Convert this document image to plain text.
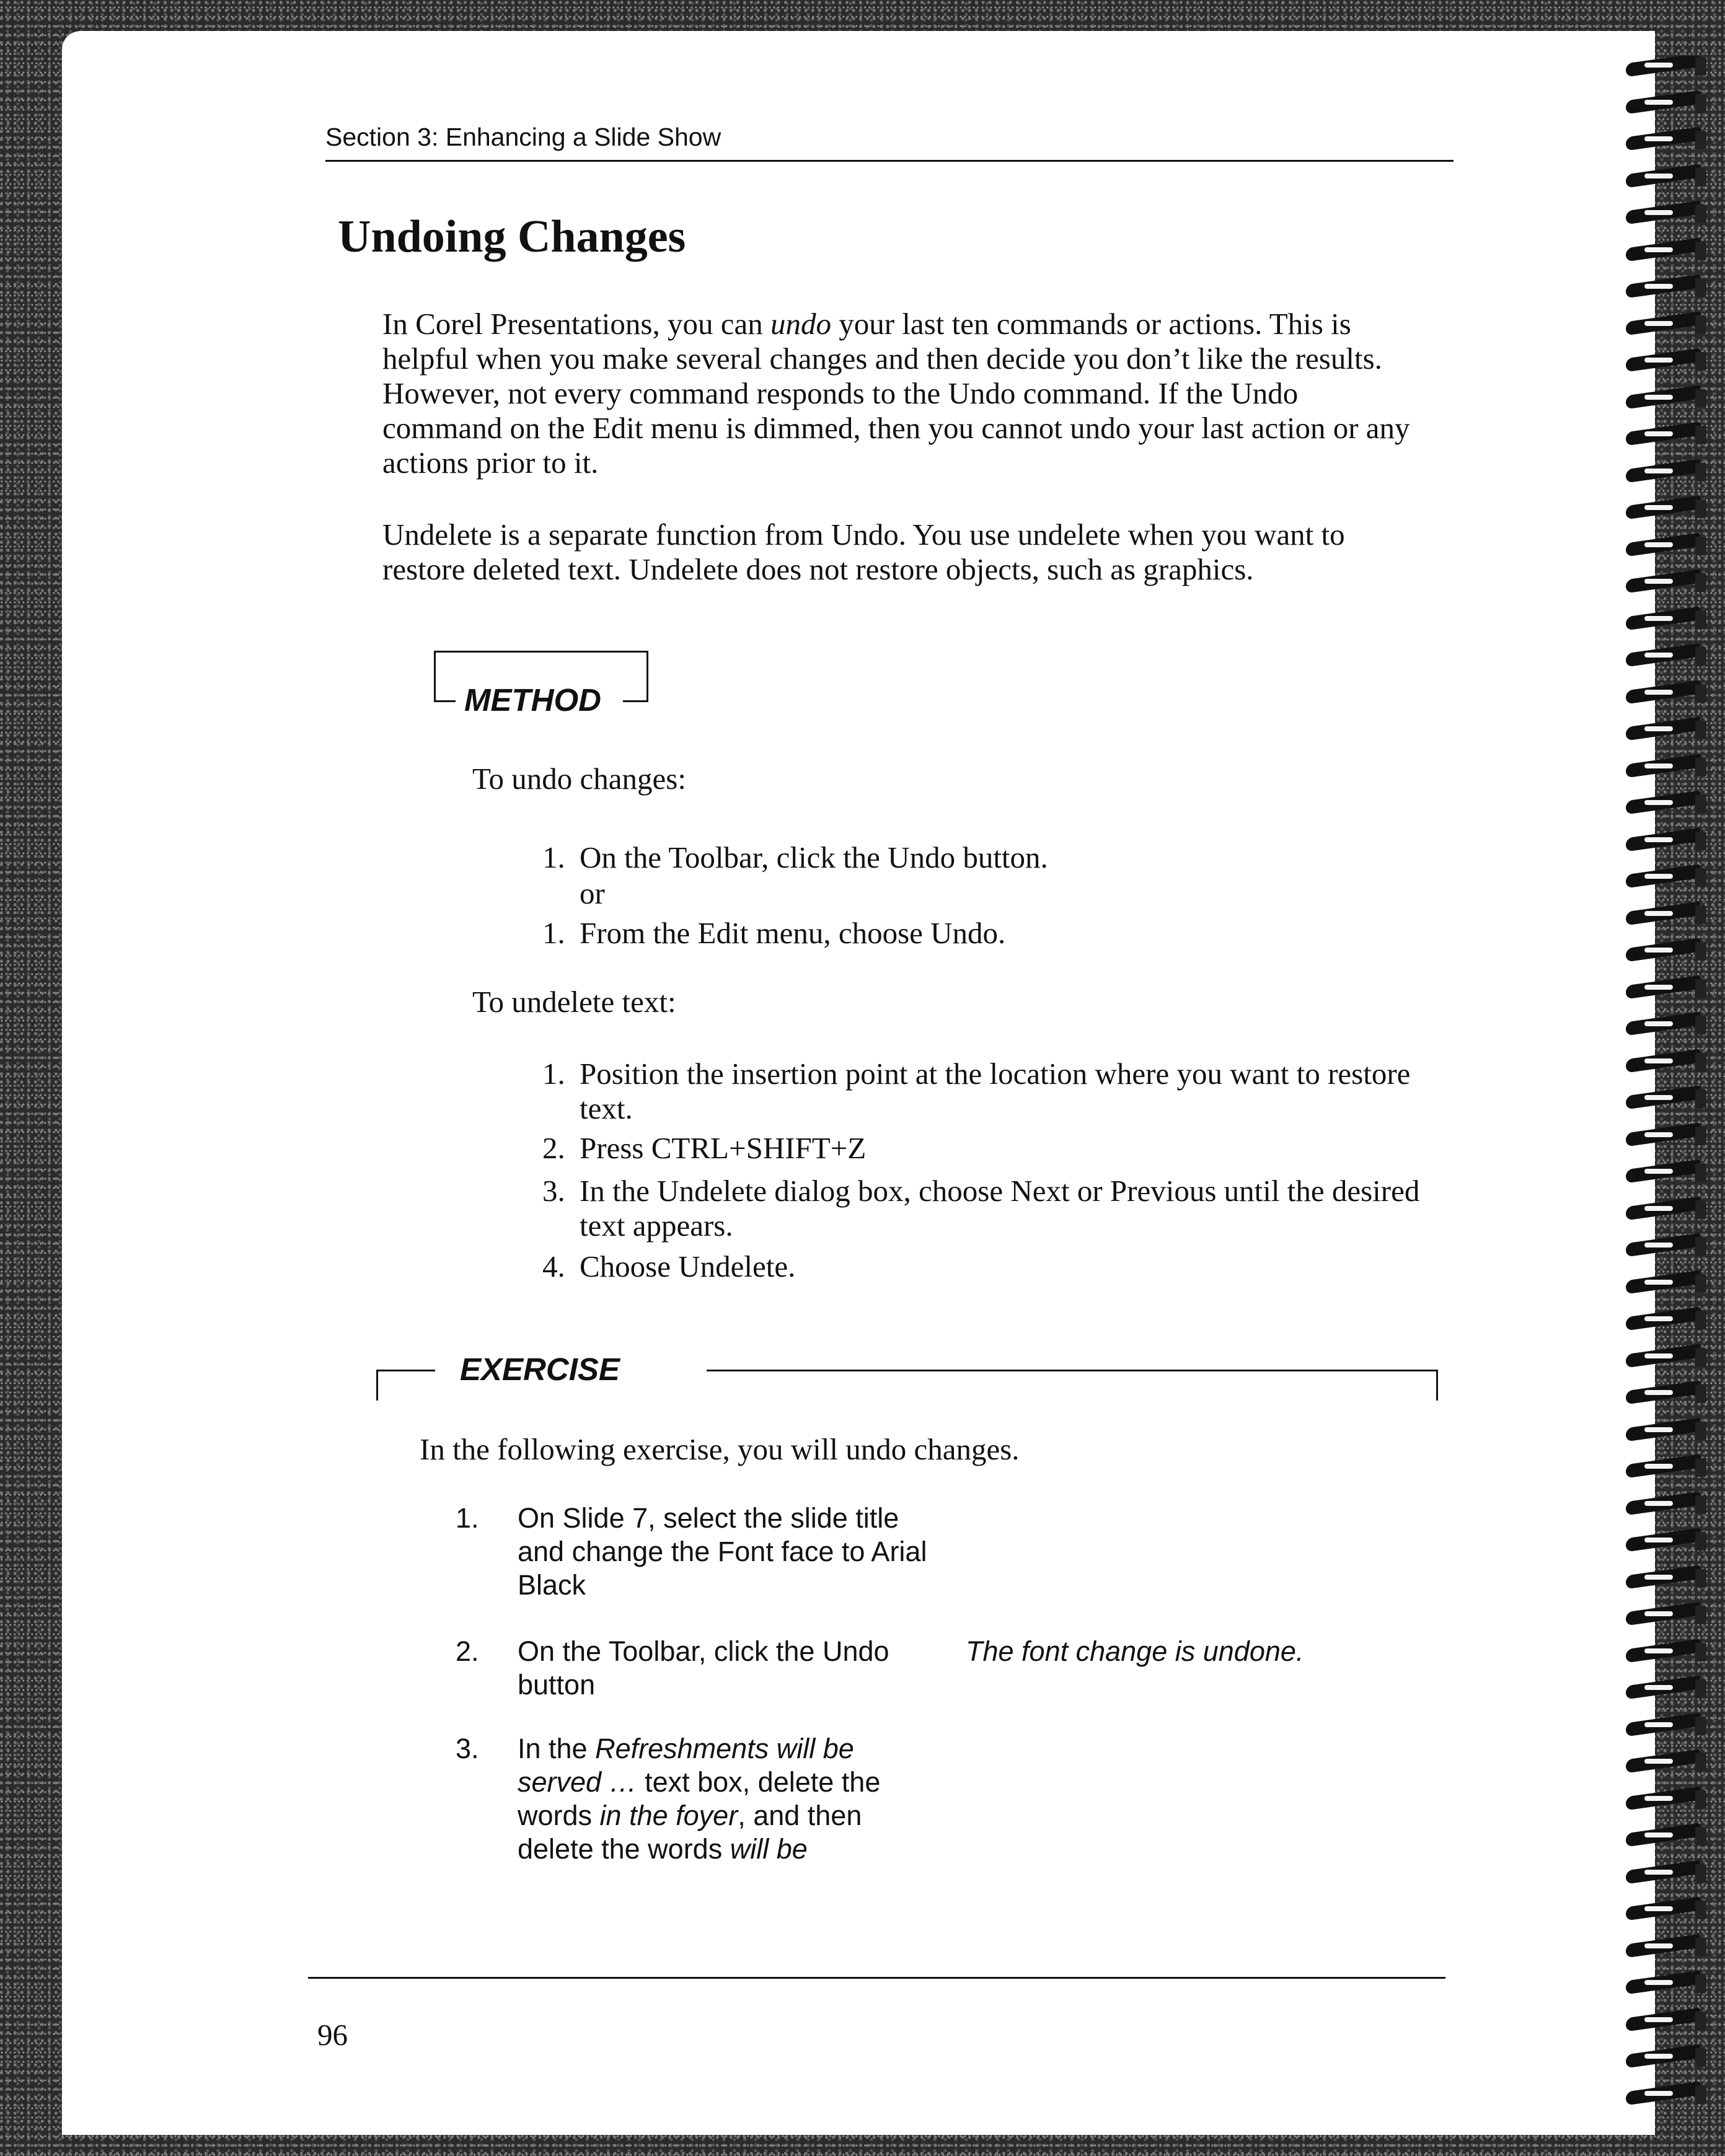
Section 3: Enhancing a Slide Show
Undoing Changes
In Corel Presentations, you can undo your last ten commands or actions. This is helpful when you make several changes and then decide you don’t like the results. However, not every command responds to the Undo command. If the Undo command on the Edit menu is dimmed, then you cannot undo your last action or any actions prior to it.
Undelete is a separate function from Undo. You use undelete when you want to restore deleted text. Undelete does not restore objects, such as graphics.
METHOD
To undo changes:
1. On the Toolbar, click the Undo button.
or
1. From the Edit menu, choose Undo.
To undelete text:
1. Position the insertion point at the location where you want to restore text.
2. Press CTRL+SHIFT+Z
3. In the Undelete dialog box, choose Next or Previous until the desired text appears.
4. Choose Undelete.
EXERCISE
In the following exercise, you will undo changes.
1. On Slide 7, select the slide title and change the Font face to Arial Black
2. On the Toolbar, click the Undo button
The font change is undone.
3. In the Refreshments will be served … text box, delete the words in the foyer, and then delete the words will be
96
